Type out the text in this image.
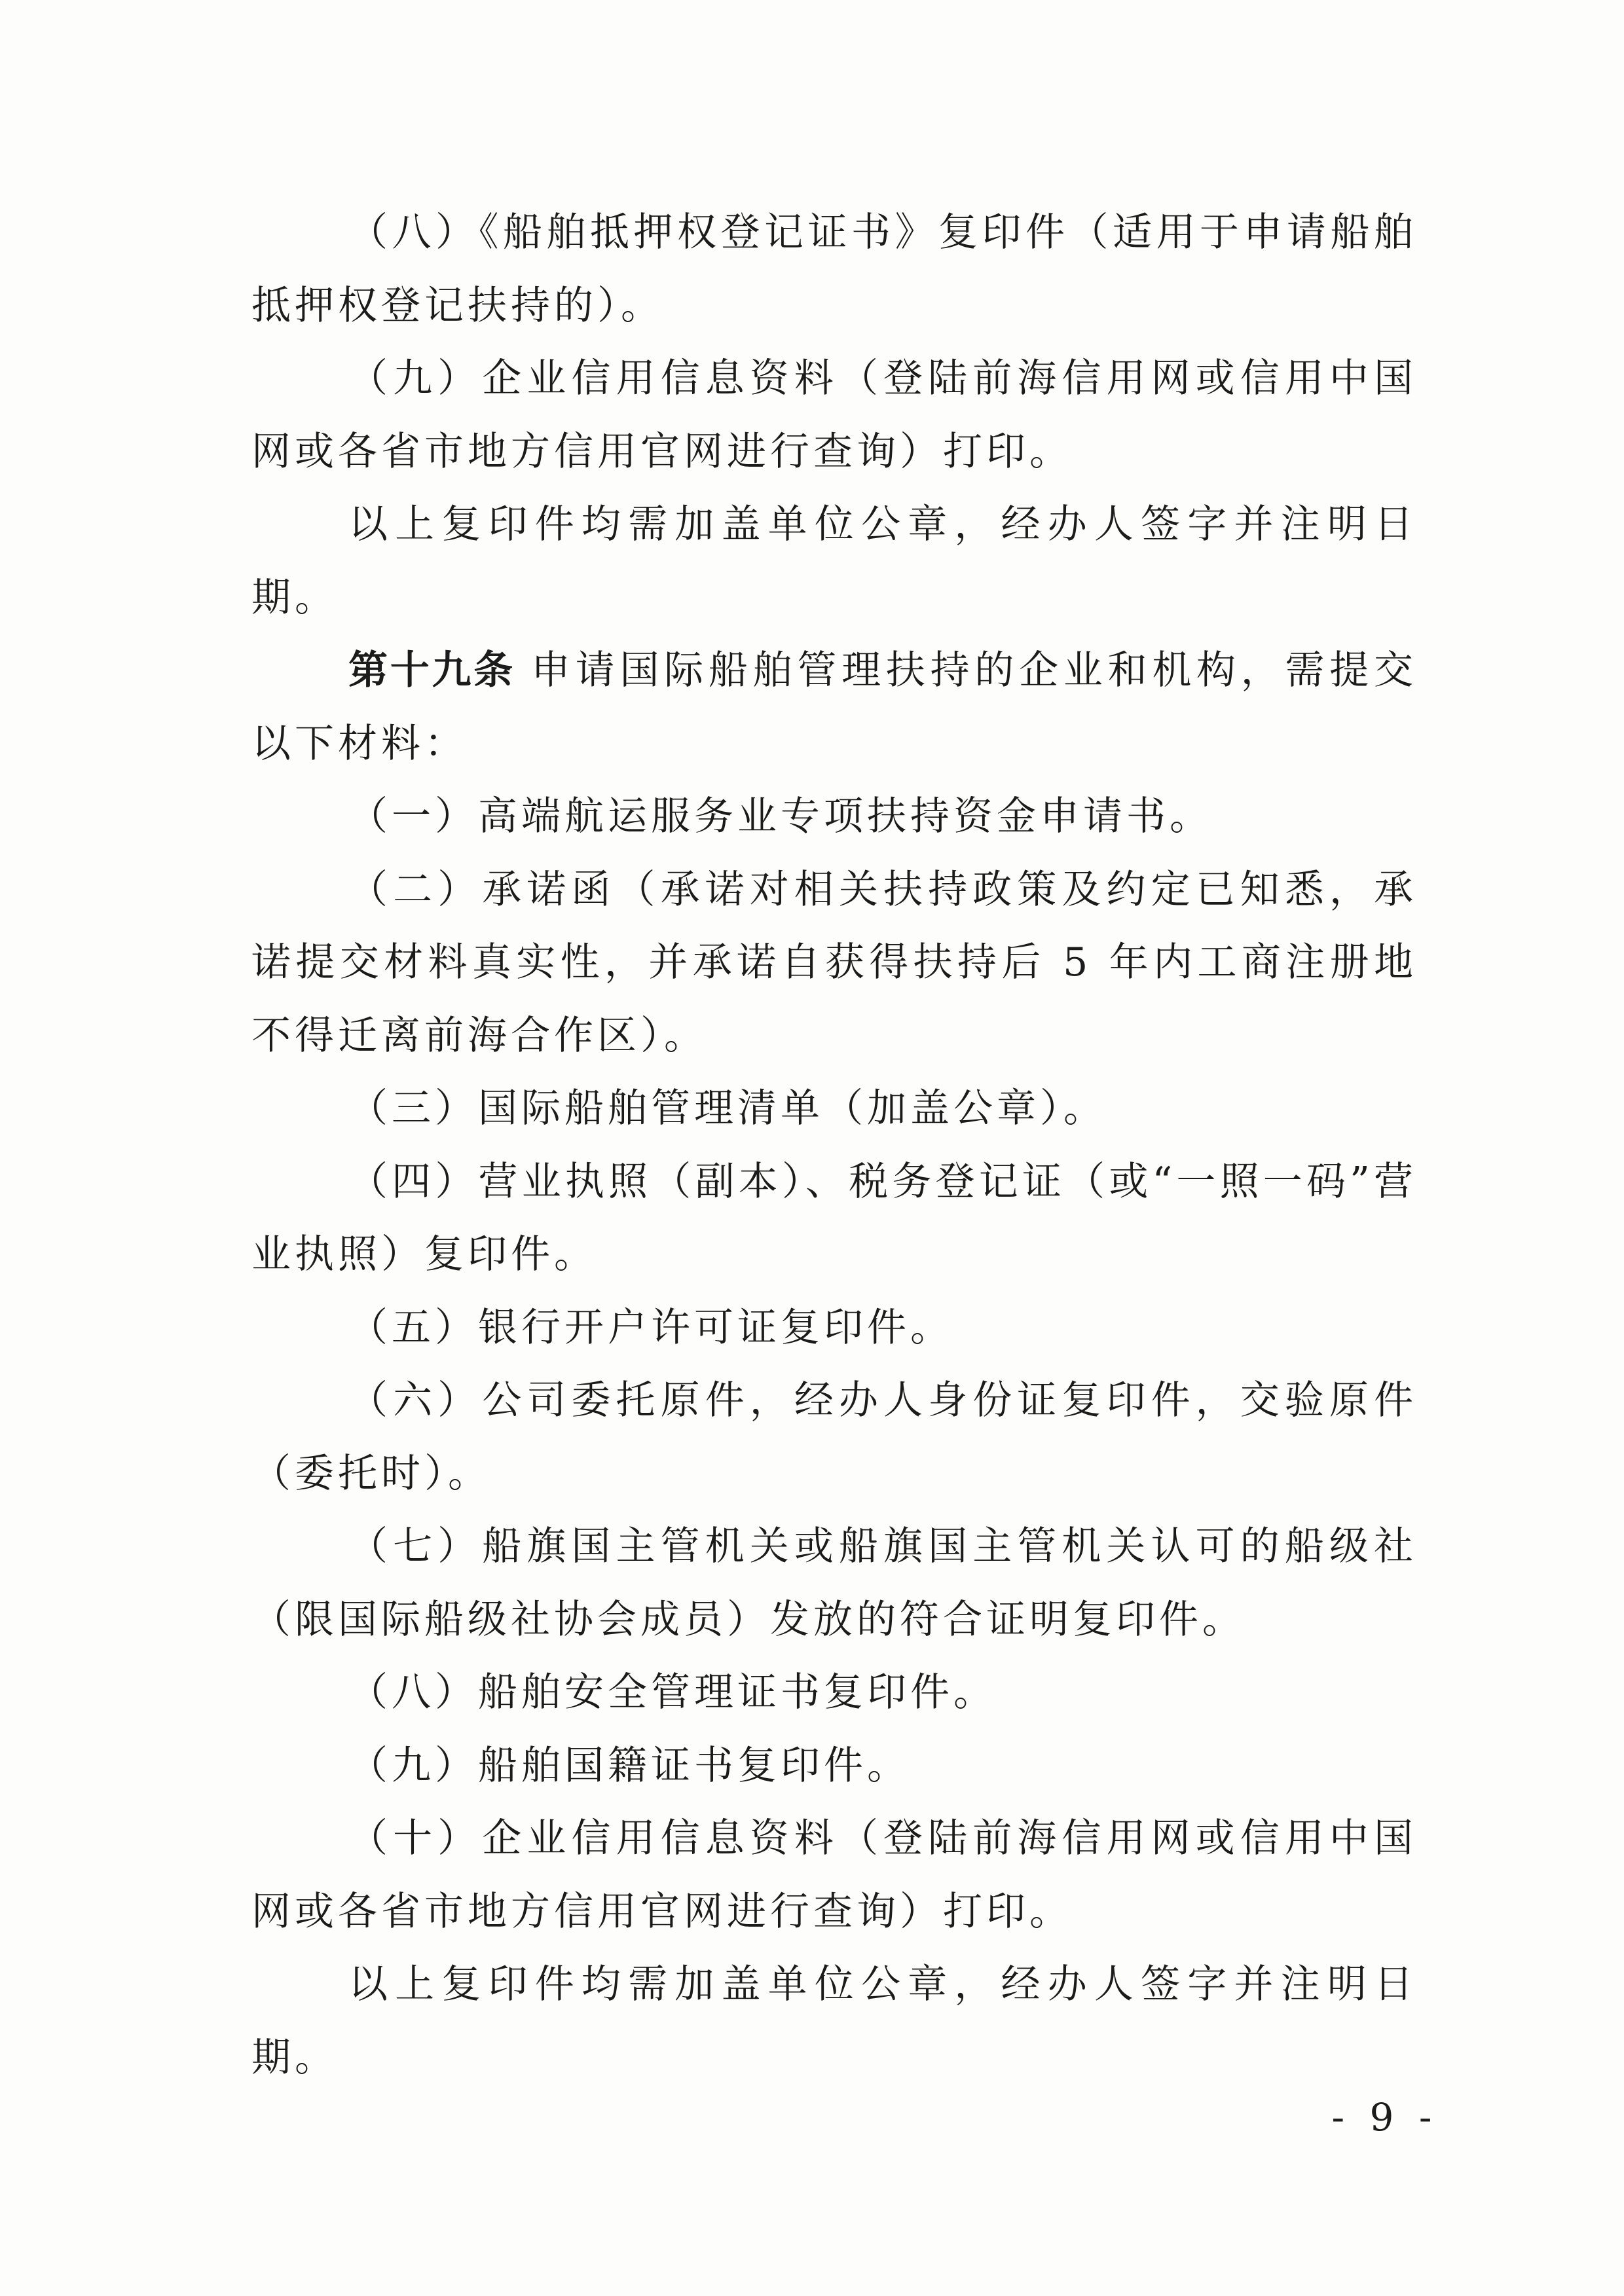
（八）《船舶抵押权登记证书》复印件（适用于申请船舶抵押权登记扶持的）。

（九）企业信用信息资料（登陆前海信用网或信用中国网或各省市地方信用官网进行查询）打印。

以上复印件均需加盖单位公章，经办人签字并注明日期。

第十九条 申请国际船舶管理扶持的企业和机构，需提交以下材料：

（一）高端航运服务业专项扶持资金申请书。

（二）承诺函（承诺对相关扶持政策及约定已知悉，承诺提交材料真实性，并承诺自获得扶持后 5 年内工商注册地不得迁离前海合作区）。

（三）国际船舶管理清单（加盖公章）。

（四）营业执照（副本）、税务登记证（或“一照一码”营业执照）复印件。

（五）银行开户许可证复印件。

（六）公司委托原件，经办人身份证复印件，交验原件（委托时）。

（七）船旗国主管机关或船旗国主管机关认可的船级社（限国际船级社协会成员）发放的符合证明复印件。

（八）船舶安全管理证书复印件。

（九）船舶国籍证书复印件。

（十）企业信用信息资料（登陆前海信用网或信用中国网或各省市地方信用官网进行查询）打印。

以上复印件均需加盖单位公章，经办人签字并注明日期。

- 9 -
